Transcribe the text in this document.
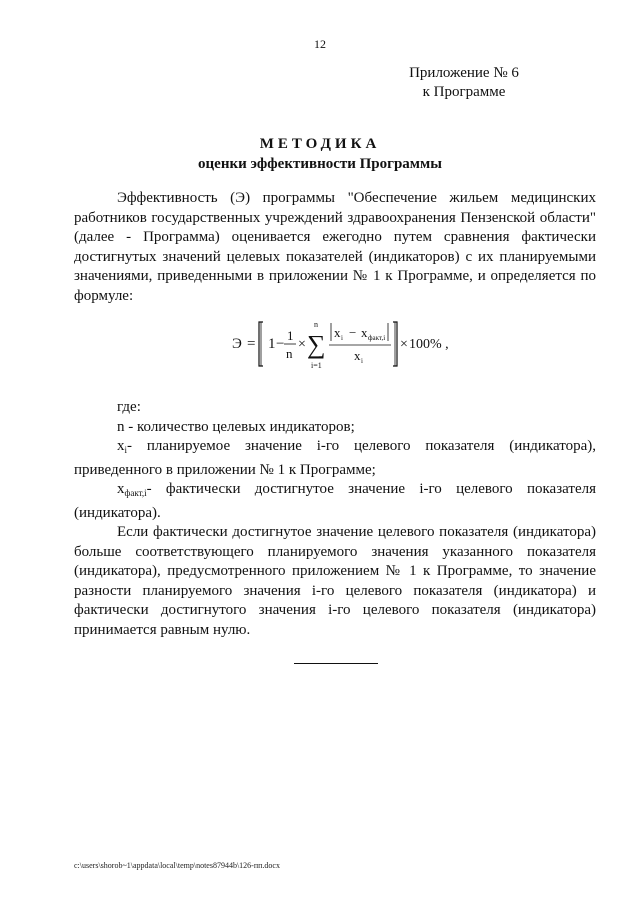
12
Приложение № 6
к Программе
МЕТОДИКА
оценки эффективности Программы
Эффективность (Э) программы "Обеспечение жильем медицинских работников государственных учреждений здравоохранения Пензенской области" (далее - Программа) оценивается ежегодно путем сравнения фактически достигнутых значений целевых показателей (индикаторов) с их планируемыми значениями, приведенными в приложении № 1 к Программе, и определяется по формуле:
Э = 1 −
1
n
×
n
∑
i=1
x i − x факт,i
x i
× 100% ,

где:

n - количество целевых индикаторов;

$x_i-$ планируемое значение i-го целевого показателя (индикатора), приведенного в приложении № 1 к Программе;

$x_{факт,i}-$ фактически достигнутое значение i-го целевого показателя (индикатора).

Если фактически достигнутое значение целевого показателя (индикатора) больше соответствующего планируемого значения указанного показателя (индикатора), предусмотренного приложением № 1 к Программе, то значение разности планируемого значения i-го целевого показателя (индикатора) и фактически достигнутого значения i-го целевого показателя (индикатора) принимается равным нулю.

c:\users\shorob~1\appdata\local\temp\notes87944b\126-пп.docx
